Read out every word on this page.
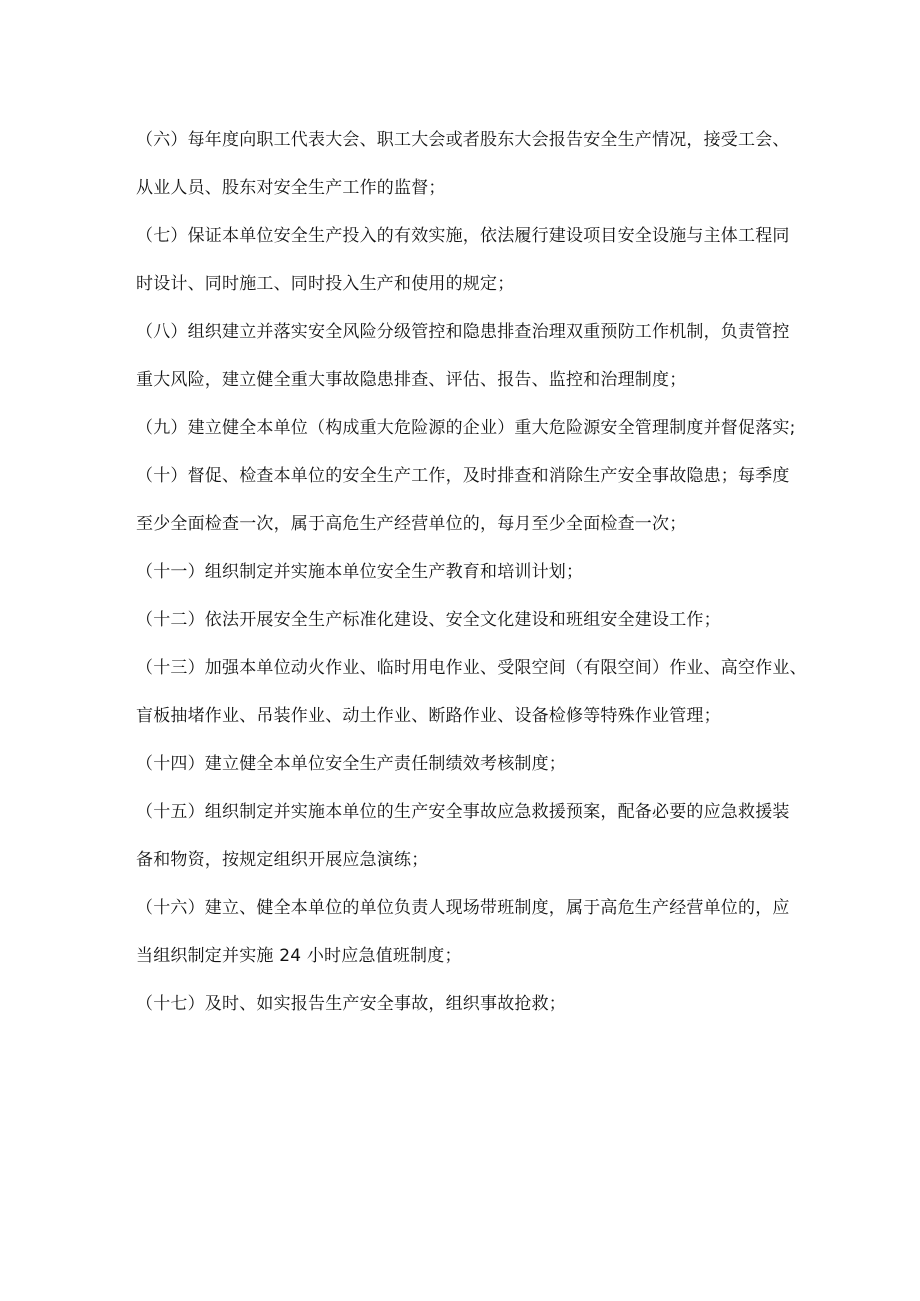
（六）每年度向职工代表大会、职工大会或者股东大会报告安全生产情况，接受工会、
从业人员、股东对安全生产工作的监督；
（七）保证本单位安全生产投入的有效实施，依法履行建设项目安全设施与主体工程同
时设计、同时施工、同时投入生产和使用的规定；
（八）组织建立并落实安全风险分级管控和隐患排查治理双重预防工作机制，负责管控
重大风险，建立健全重大事故隐患排查、评估、报告、监控和治理制度；
（九）建立健全本单位（构成重大危险源的企业）重大危险源安全管理制度并督促落实;
（十）督促、检查本单位的安全生产工作，及时排查和消除生产安全事故隐患；每季度
至少全面检查一次，属于高危生产经营单位的，每月至少全面检查一次；
（十一）组织制定并实施本单位安全生产教育和培训计划；
（十二）依法开展安全生产标准化建设、安全文化建设和班组安全建设工作；
（十三）加强本单位动火作业、临时用电作业、受限空间（有限空间）作业、高空作业、
盲板抽堵作业、吊装作业、动土作业、断路作业、设备检修等特殊作业管理；
（十四）建立健全本单位安全生产责任制绩效考核制度；
（十五）组织制定并实施本单位的生产安全事故应急救援预案，配备必要的应急救援装
备和物资，按规定组织开展应急演练；
（十六）建立、健全本单位的单位负责人现场带班制度，属于高危生产经营单位的，应
当组织制定并实施 24 小时应急值班制度；
（十七）及时、如实报告生产安全事故，组织事故抢救；
